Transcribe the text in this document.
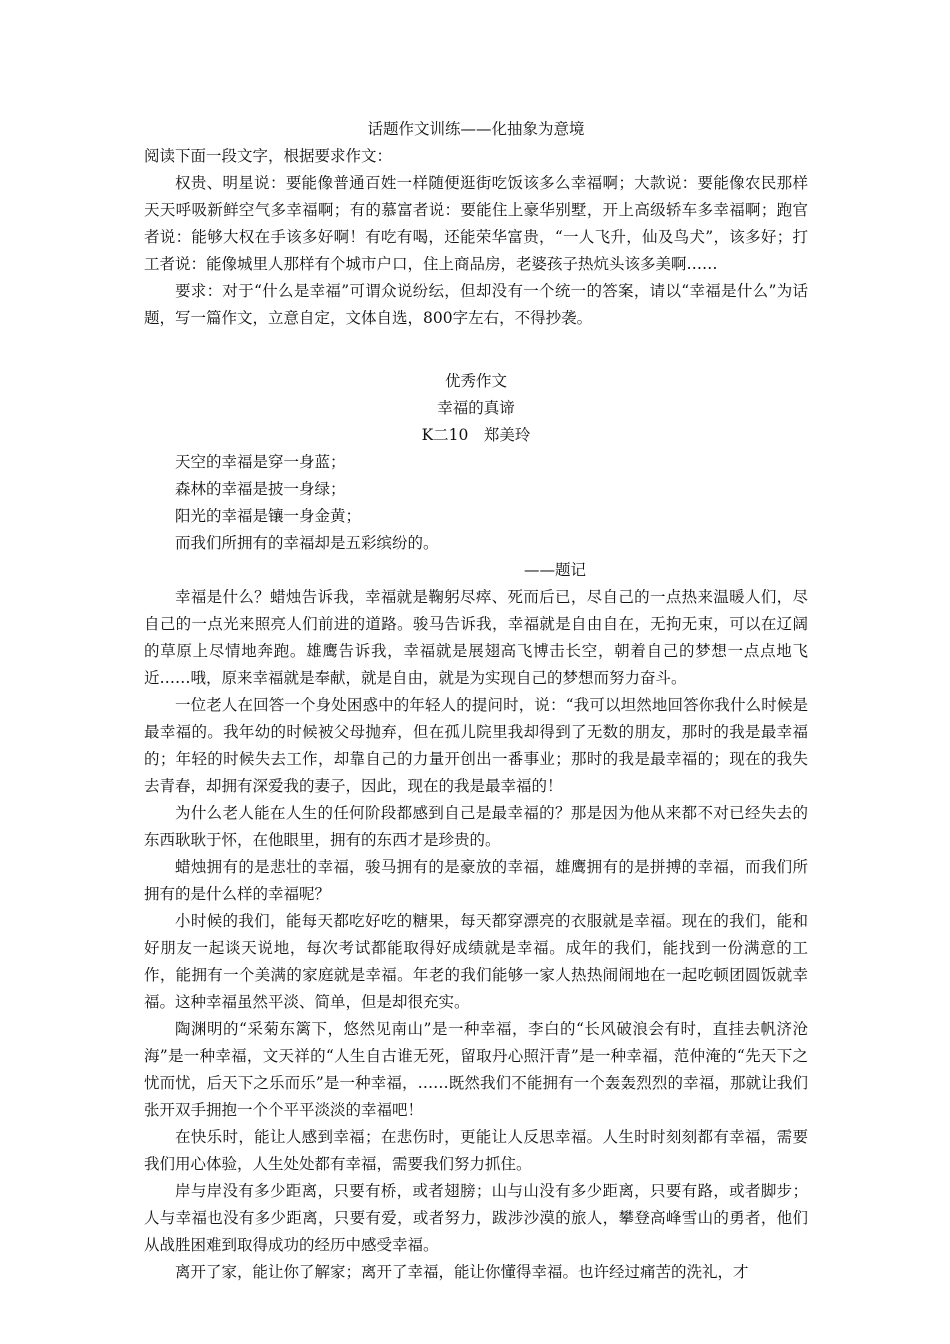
话题作文训练——化抽象为意境
阅读下面一段文字，根据要求作文：

权贵、明星说：要能像普通百姓一样随便逛街吃饭该多么幸福啊；大款说：要能像农民那样天天呼吸新鲜空气多幸福啊；有的慕富者说：要能住上豪华别墅，开上高级轿车多幸福啊；跑官者说：能够大权在手该多好啊！有吃有喝，还能荣华富贵，“一人飞升，仙及鸟犬”，该多好；打工者说：能像城里人那样有个城市户口，住上商品房，老婆孩子热炕头该多美啊……

要求：对于“什么是幸福”可谓众说纷纭，但却没有一个统一的答案，请以“幸福是什么”为话题，写一篇作文，立意自定，文体自选，800字左右，不得抄袭。

优秀作文
幸福的真谛
K二10　郑美玲
天空的幸福是穿一身蓝；
森林的幸福是披一身绿；
阳光的幸福是镶一身金黄；
而我们所拥有的幸福却是五彩缤纷的。
——题记

幸福是什么？蜡烛告诉我，幸福就是鞠躬尽瘁、死而后已，尽自己的一点热来温暖人们，尽自己的一点光来照亮人们前进的道路。骏马告诉我，幸福就是自由自在，无拘无束，可以在辽阔的草原上尽情地奔跑。雄鹰告诉我，幸福就是展翅高飞博击长空，朝着自己的梦想一点点地飞近……哦，原来幸福就是奉献，就是自由，就是为实现自己的梦想而努力奋斗。

一位老人在回答一个身处困惑中的年轻人的提问时，说：“我可以坦然地回答你我什么时候是最幸福的。我年幼的时候被父母抛弃，但在孤儿院里我却得到了无数的朋友，那时的我是最幸福的；年轻的时候失去工作，却靠自己的力量开创出一番事业；那时的我是最幸福的；现在的我失去青春，却拥有深爱我的妻子，因此，现在的我是最幸福的！

为什么老人能在人生的任何阶段都感到自己是最幸福的？那是因为他从来都不对已经失去的东西耿耿于怀，在他眼里，拥有的东西才是珍贵的。

蜡烛拥有的是悲壮的幸福，骏马拥有的是豪放的幸福，雄鹰拥有的是拼搏的幸福，而我们所拥有的是什么样的幸福呢？

小时候的我们，能每天都吃好吃的糖果，每天都穿漂亮的衣服就是幸福。现在的我们，能和好朋友一起谈天说地，每次考试都能取得好成绩就是幸福。成年的我们，能找到一份满意的工作，能拥有一个美满的家庭就是幸福。年老的我们能够一家人热热闹闹地在一起吃顿团圆饭就幸福。这种幸福虽然平淡、简单，但是却很充实。

陶渊明的“采菊东篱下，悠然见南山”是一种幸福，李白的“长风破浪会有时，直挂去帆济沧海”是一种幸福，文天祥的“人生自古谁无死，留取丹心照汗青”是一种幸福，范仲淹的“先天下之忧而忧，后天下之乐而乐”是一种幸福，……既然我们不能拥有一个轰轰烈烈的幸福，那就让我们张开双手拥抱一个个平平淡淡的幸福吧！

在快乐时，能让人感到幸福；在悲伤时，更能让人反思幸福。人生时时刻刻都有幸福，需要我们用心体验，人生处处都有幸福，需要我们努力抓住。

岸与岸没有多少距离，只要有桥，或者翅膀；山与山没有多少距离，只要有路，或者脚步；人与幸福也没有多少距离，只要有爱，或者努力，跋涉沙漠的旅人，攀登高峰雪山的勇者，他们从战胜困难到取得成功的经历中感受幸福。

离开了家，能让你了解家；离开了幸福，能让你懂得幸福。也许经过痛苦的洗礼，才
